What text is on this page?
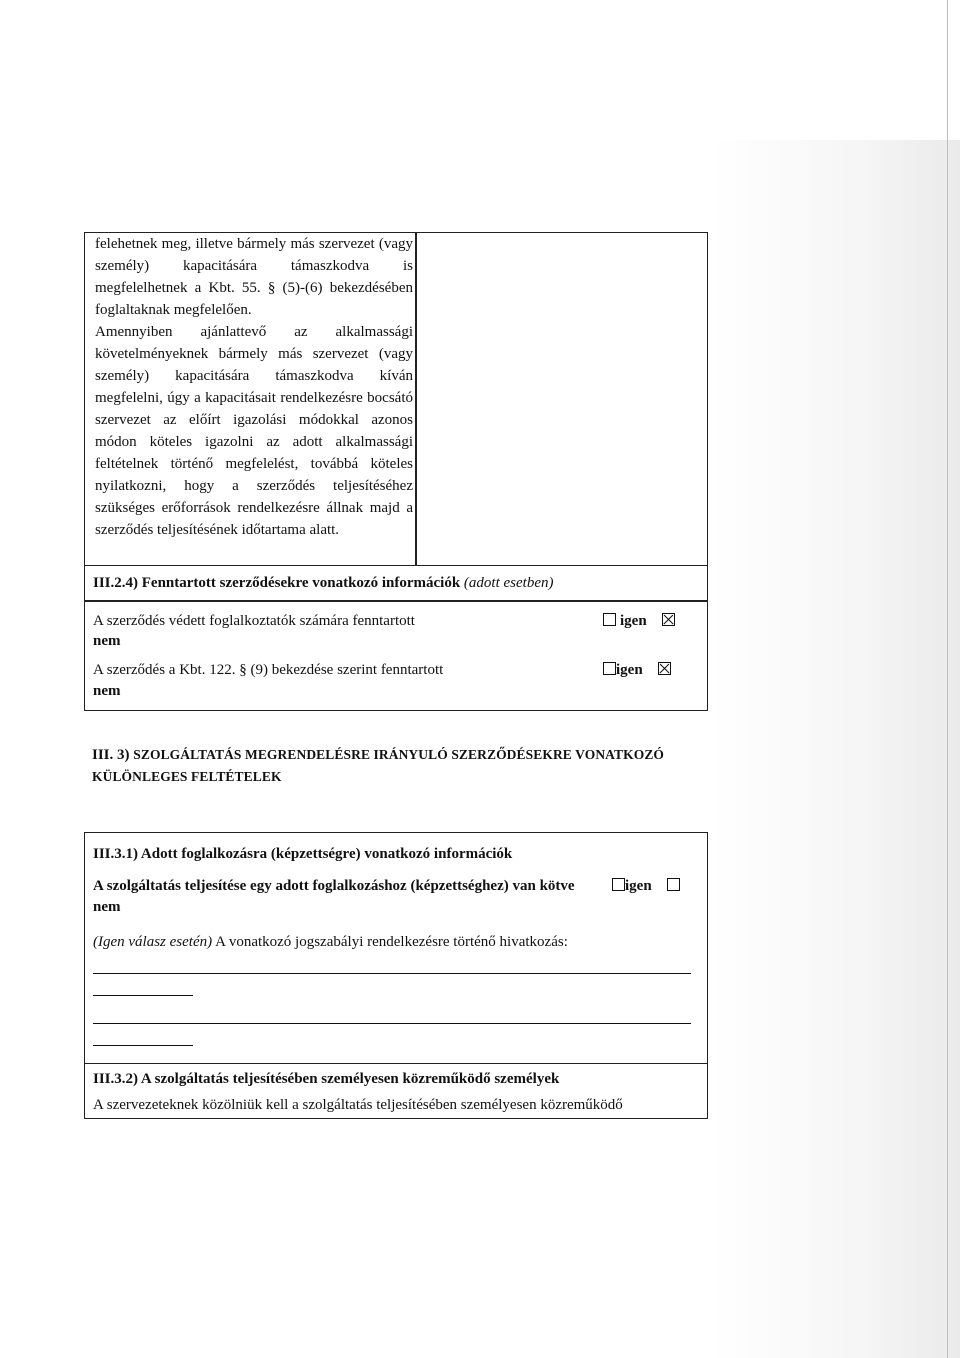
felehetnek meg, illetve bármely más szervezet (vagy személy) kapacitására támaszkodva is megfelelhetnek a Kbt. 55. § (5)-(6) bekezdésében foglaltaknak megfelelően.
Amennyiben ajánlattevő az alkalmassági követelményeknek bármely más szervezet (vagy személy) kapacitására támaszkodva kíván megfelelni, úgy a kapacitásait rendelkezésre bocsátó szervezet az előírt igazolási módokkal azonos módon köteles igazolni az adott alkalmassági feltételnek történő megfelelést, továbbá köteles nyilatkozni, hogy a szerződés teljesítéséhez szükséges erőforrások rendelkezésre állnak majd a szerződés teljesítésének időtartama alatt.
III.2.4) Fenntartott szerződésekre vonatkozó információk (adott esetben)
A szerződés védett foglalkoztatók számára fenntartott	igen
nem
A szerződés a Kbt. 122. § (9) bekezdése szerint fenntartott	igen
nem
III. 3) SZOLGÁLTATÁS MEGRENDELÉSRE IRÁNYULÓ SZERZŐDÉSEKRE VONATKOZÓ
KÜLÖNLEGES FELTÉTELEK
III.3.1) Adott foglalkozásra (képzettségre) vonatkozó információk
A szolgáltatás teljesítése egy adott foglalkozáshoz (képzettséghez) van kötve	igen
nem
(Igen válasz esetén) A vonatkozó jogszabályi rendelkezésre történő hivatkozás:
III.3.2) A szolgáltatás teljesítésében személyesen közreműködő személyek
A szervezeteknek közölniük kell a szolgáltatás teljesítésében személyesen közreműködő
